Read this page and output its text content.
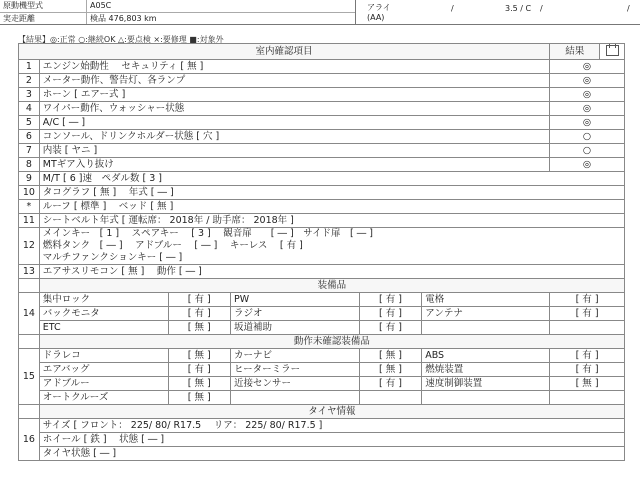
原動機型式	A05C
実走距離	検品 476,803 km
アライ
(AA)
/	3.5 / C /	/
【結果】◎:正常 ○:継続OK △:要点検 ×:要修理 ■:対象外
室内確認項目						結果	
1	エンジン始動性　 セキュリティ [ 無 ]					◎	
2	メーター動作、警告灯、各ランプ					◎	
3	ホーン [ エアー式 ]					◎	
4	ワイパー動作、ウォッシャー状態					◎	
5	A/C [ ― ]					◎	
6	コンソール、ドリンクホルダー状態 [ 穴 ]					○	
7	内装 [ ヤニ ]					○	
8	MTギア入り抜け					◎	
9	M/T [ 6 ]速　ペダル数 [ 3 ]						
10	タコグラフ [ 無 ]　 年式 [ ― ]						
*	ルーフ [ 標準 ]　 ベッド [ 無 ]						
11	シートベルト年式 [ 運転席： 2018年 / 助手席： 2018年 ]						
12	メインキー　[ 1 ]　 スペアキー　 [ 3 ]　 観音扉　　[ ― ]　サイド扉　[ ― ]
燃料タンク　[ ― ]　 アドブルー　 [ ― ]　 キーレス　 [ 有 ]
マルチファンクションキー [ ― ]						

13	エアサスリモコン [ 無 ]　 動作 [ ― ]						
	装備品						
14	集中ロック	[ 有 ]	PW	[ 有 ]	電格	[ 有 ]	
	バックモニタ	[ 有 ]	ラジオ	[ 有 ]	アンテナ	[ 有 ]	
	ETC	[ 無 ]	坂道補助	[ 有 ]			
	動作未確認装備品						
15	ドラレコ	[ 無 ]	カーナビ	[ 無 ]	ABS	[ 有 ]	
	エアバッグ	[ 有 ]	ヒーターミラー	[ 無 ]	燃焼装置	[ 有 ]	
	アドブルー	[ 無 ]	近接センサー	[ 有 ]	速度制御装置	[ 無 ]	
	オートクルーズ	[ 無 ]					
	タイヤ情報						
16	サイズ [ フロント： 225/ 80/ R17.5 　リア： 225/ 80/ R17.5 ]						
	ホイール [ 鉄 ]　 状態 [ ― ]						
	タイヤ状態 [ ― ]						
